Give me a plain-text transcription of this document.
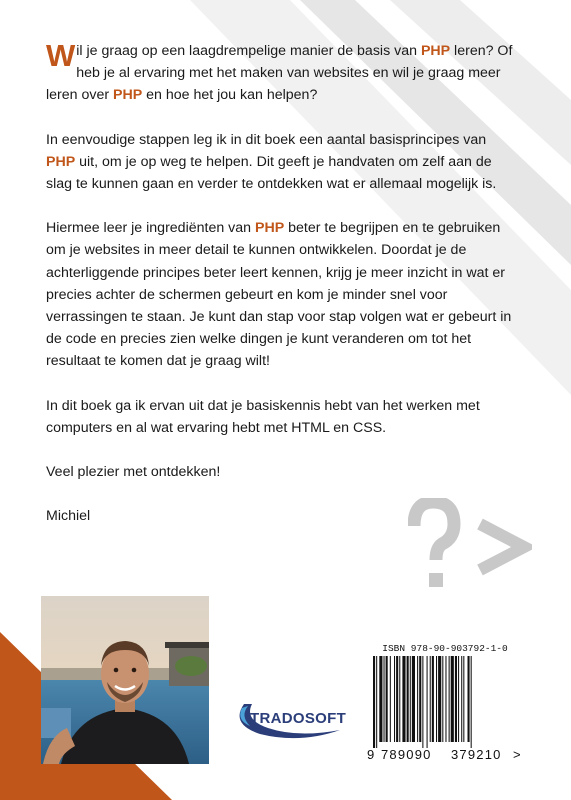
Wil je graag op een laagdrempelige manier de basis van PHP leren? Of heb je al ervaring met het maken van websites en wil je graag meer leren over PHP en hoe het jou kan helpen?

In eenvoudige stappen leg ik in dit boek een aantal basisprincipes van PHP uit, om je op weg te helpen. Dit geeft je handvaten om zelf aan de slag te kunnen gaan en verder te ontdekken wat er allemaal mogelijk is.

Hiermee leer je ingrediënten van PHP beter te begrijpen en te gebruiken om je websites in meer detail te kunnen ontwikkelen. Doordat je de achterliggende principes beter leert kennen, krijg je meer inzicht in wat er precies achter de schermen gebeurt en kom je minder snel voor verrassingen te staan. Je kunt dan stap voor stap volgen wat er gebeurt in de code en precies zien welke dingen je kunt veranderen om tot het resultaat te komen dat je graag wilt!

In dit boek ga ik ervan uit dat je basiskennis hebt van het werken met computers en al wat ervaring hebt met HTML en CSS.

Veel plezier met ontdekken!

Michiel

TRADOSOFT
ISBN 978-90-903792-1-0
9 789090 379210 >
